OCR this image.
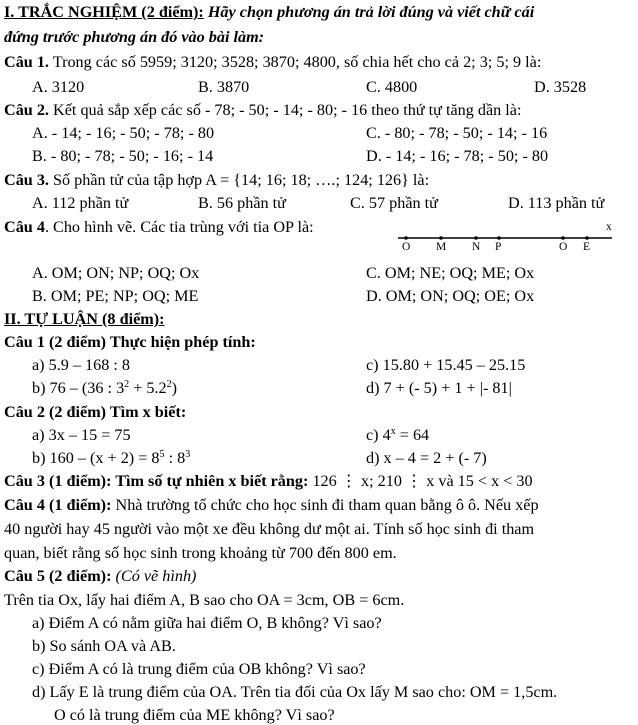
I. TRẮC NGHIỆM (2 điểm): Hãy chọn phương án trả lời đúng và viết chữ cái
đứng trước phương án đó vào bài làm:
Câu 1. Trong các số 5959; 3120; 3528; 3870; 4800, số chia hết cho cả 2; 3; 5; 9 là:
A. 3120	B. 3870	C. 4800	D. 3528
Câu 2. Kết quả sắp xếp các số - 78; - 50; - 14; - 80; - 16 theo thứ tự tăng dần là:
A. - 14; - 16; - 50; - 78; - 80	C. - 80; - 78; - 50; - 14; - 16
B. - 80; - 78; - 50; - 16; - 14	D. - 14; - 16; - 78; - 50; - 80
Câu 3. Số phần tử của tập hợp A = {14; 16; 18; ….; 124; 126} là:
A. 112 phần tử	B. 56 phần tử	C. 57 phần tử	D. 113 phần tử
Câu 4. Cho hình vẽ. Các tia trùng với tia OP là:
O M N P	O E
x
A. OM; ON; NP; OQ; Ox	C. OM; NE; OQ; ME; Ox
B. OM; PE; NP; OQ; ME	D. OM; ON; OQ; OE; Ox
II. TỰ LUẬN (8 điểm):
Câu 1 (2 điểm) Thực hiện phép tính:
a) 5.9 – 168 : 8	c) 15.80 + 15.45 – 25.15
b) 76 – (36 : $3^2 + 5.2^2$)	d) 7 + (- 5) + 1 + |- 81|
Câu 2 (2 điểm) Tìm x biết:
a) 3x – 15 = 75	c) $4^x = 64$
b) $160 - (x + 2) = 8^5$ : $8^3$	d) x – 4 = 2 + (- 7)
Câu 3 (1 điểm): Tìm số tự nhiên x biết rằng: 126 ⋮ x; 210 ⋮ x và 15 < x < 30
Câu 4 (1 điểm): Nhà trường tổ chức cho học sinh đi tham quan bằng ô ô. Nếu xếp
40 người hay 45 người vào một xe đều không dư một ai. Tính số học sinh đi tham
quan, biết rằng số học sinh trong khoảng từ 700 đến 800 em.
Câu 5 (2 điểm): (Có vẽ hình)
Trên tia Ox, lấy hai điểm A, B sao cho OA = 3cm, OB = 6cm.
a) Điểm A có nằm giữa hai điểm O, B không? Vì sao?
b) So sánh OA và AB.
c) Điểm A có là trung điểm của OB không? Vì sao?
d) Lấy E là trung điểm của OA. Trên tia đối của Ox lấy M sao cho: OM = 1,5cm.
O có là trung điểm của ME không? Vì sao?
